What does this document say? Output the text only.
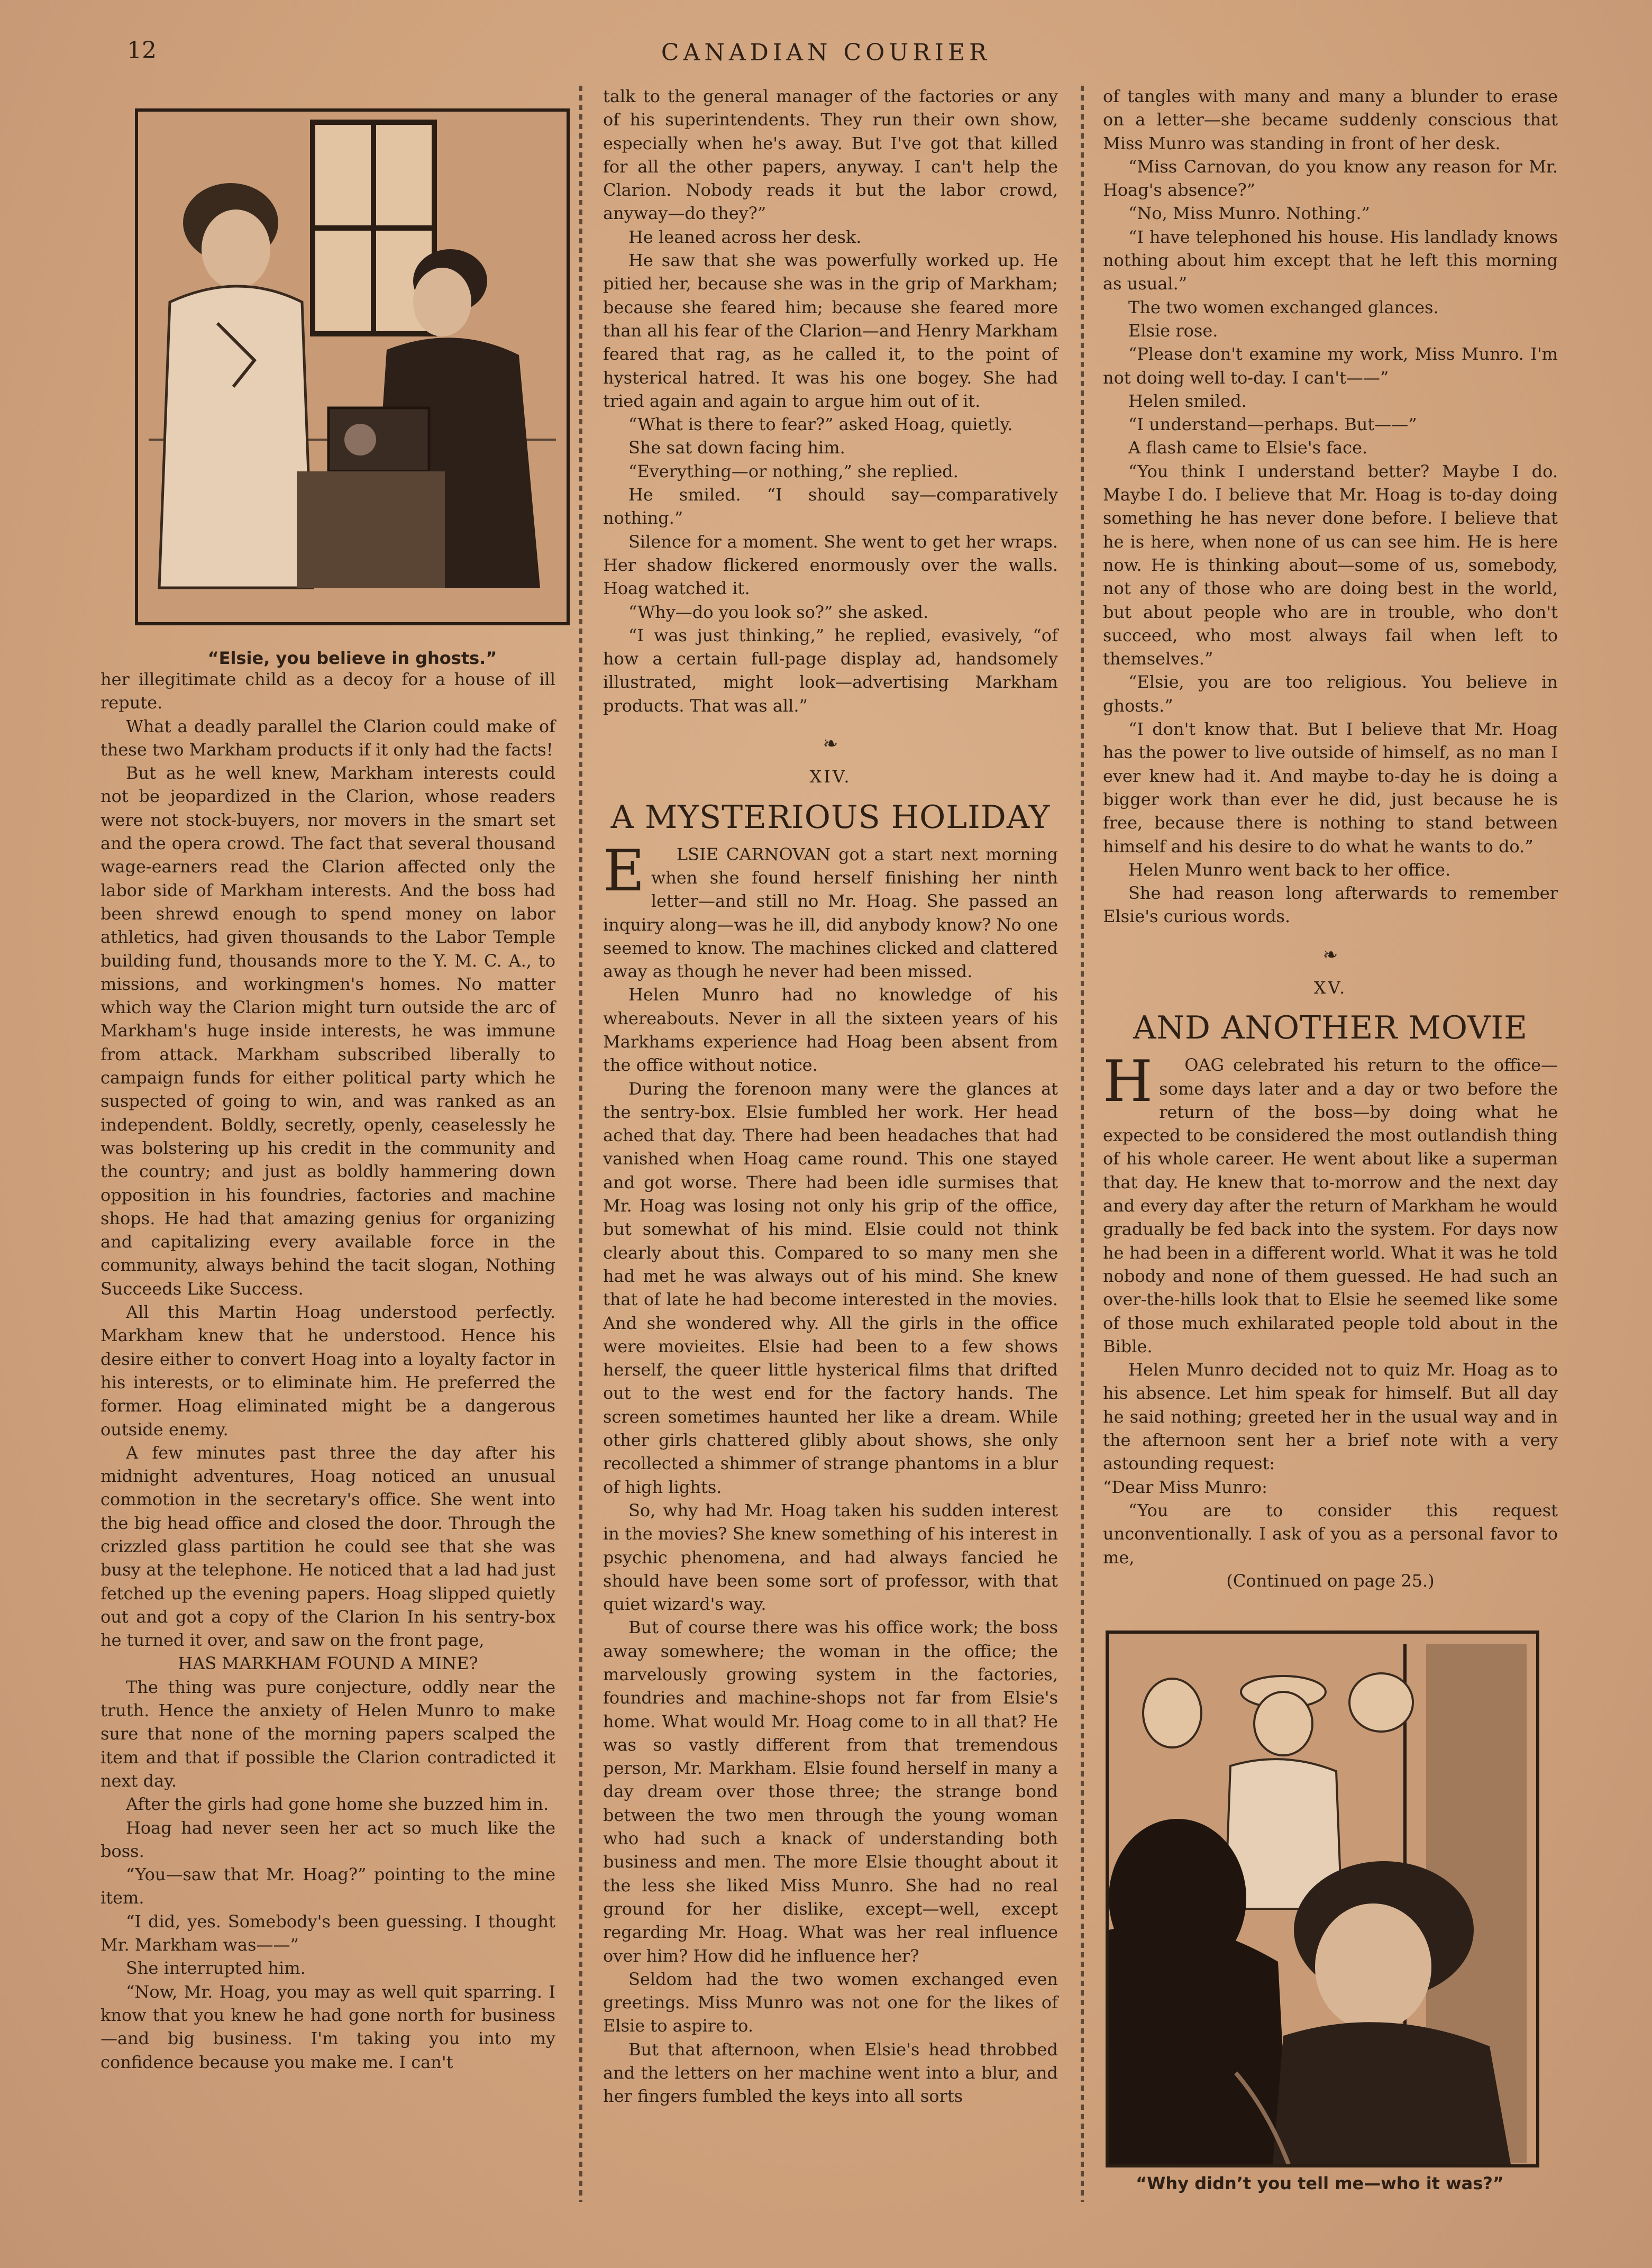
12	CANADIAN COURIER
“Elsie, you believe in ghosts.”

her illegitimate child as a decoy for a house of ill repute.

What a deadly parallel the Clarion could make of these two Markham products if it only had the facts!

But as he well knew, Markham interests could not be jeopardized in the Clarion, whose readers were not stock-buyers, nor movers in the smart set and the opera crowd. The fact that several thousand wage-earners read the Clarion affected only the labor side of Markham interests. And the boss had been shrewd enough to spend money on labor athletics, had given thousands to the Labor Temple building fund, thousands more to the Y. M. C. A., to missions, and workingmen's homes. No matter which way the Clarion might turn outside the arc of Markham's huge inside interests, he was immune from attack. Markham subscribed liberally to campaign funds for either political party which he suspected of going to win, and was ranked as an independent. Boldly, secretly, openly, ceaselessly he was bolstering up his credit in the community and the country; and just as boldly hammering down opposition in his foundries, factories and machine shops. He had that amazing genius for organizing and capitalizing every available force in the community, always behind the tacit slogan, Nothing Succeeds Like Success.

All this Martin Hoag understood perfectly. Markham knew that he understood. Hence his desire either to convert Hoag into a loyalty factor in his interests, or to eliminate him. He preferred the former. Hoag eliminated might be a dangerous outside enemy.

A few minutes past three the day after his midnight adventures, Hoag noticed an unusual commotion in the secretary's office. She went into the big head office and closed the door. Through the crizzled glass partition he could see that she was busy at the telephone. He noticed that a lad had just fetched up the evening papers. Hoag slipped quietly out and got a copy of the Clarion In his sentry-box he turned it over, and saw on the front page,

HAS MARKHAM FOUND A MINE?

The thing was pure conjecture, oddly near the truth. Hence the anxiety of Helen Munro to make sure that none of the morning papers scalped the item and that if possible the Clarion contradicted it next day.

After the girls had gone home she buzzed him in.

Hoag had never seen her act so much like the boss.

“You—saw that Mr. Hoag?” pointing to the mine item.

“I did, yes. Somebody's been guessing. I thought Mr. Markham was——”

She interrupted him.

“Now, Mr. Hoag, you may as well quit sparring. I know that you knew he had gone north for business—and big business. I'm taking you into my confidence because you make me. I can't

talk to the general manager of the factories or any of his superintendents. They run their own show, especially when he's away. But I've got that killed for all the other papers, anyway. I can't help the Clarion. Nobody reads it but the labor crowd, anyway—do they?”

He leaned across her desk.

He saw that she was powerfully worked up. He pitied her, because she was in the grip of Markham; because she feared him; because she feared more than all his fear of the Clarion—and Henry Markham feared that rag, as he called it, to the point of hysterical hatred. It was his one bogey. She had tried again and again to argue him out of it.

“What is there to fear?” asked Hoag, quietly.

She sat down facing him.

“Everything—or nothing,” she replied.

He smiled. “I should say—comparatively nothing.”

Silence for a moment. She went to get her wraps. Her shadow flickered enormously over the walls. Hoag watched it.

“Why—do you look so?” she asked.

“I was just thinking,” he replied, evasively, “of how a certain full-page display ad, handsomely illustrated, might look—advertising Markham products. That was all.”

❧
XIV.
A MYSTERIOUS HOLIDAY
E	LSIE CARNOVAN got a start next morning when she found herself finishing her ninth letter—and still no Mr. Hoag. She passed an inquiry along—was he ill, did anybody know? No one seemed to know. The machines clicked and clattered away as though he never had been missed.

Helen Munro had no knowledge of his whereabouts. Never in all the sixteen years of his Markhams experience had Hoag been absent from the office without notice.

During the forenoon many were the glances at the sentry-box. Elsie fumbled her work. Her head ached that day. There had been headaches that had vanished when Hoag came round. This one stayed and got worse. There had been idle surmises that Mr. Hoag was losing not only his grip of the office, but somewhat of his mind. Elsie could not think clearly about this. Compared to so many men she had met he was always out of his mind. She knew that of late he had become interested in the movies. And she wondered why. All the girls in the office were movieites. Elsie had been to a few shows herself, the queer little hysterical films that drifted out to the west end for the factory hands. The screen sometimes haunted her like a dream. While other girls chattered glibly about shows, she only recollected a shimmer of strange phantoms in a blur of high lights.

So, why had Mr. Hoag taken his sudden interest in the movies? She knew something of his interest in psychic phenomena, and had always fancied he should have been some sort of professor, with that quiet wizard's way.

But of course there was his office work; the boss away somewhere; the woman in the office; the marvelously growing system in the factories, foundries and machine-shops not far from Elsie's home. What would Mr. Hoag come to in all that? He was so vastly different from that tremendous person, Mr. Markham. Elsie found herself in many a day dream over those three; the strange bond between the two men through the young woman who had such a knack of understanding both business and men. The more Elsie thought about it the less she liked Miss Munro. She had no real ground for her dislike, except—well, except regarding Mr. Hoag. What was her real influence over him? How did he influence her?

Seldom had the two women exchanged even greetings. Miss Munro was not one for the likes of Elsie to aspire to.

But that afternoon, when Elsie's head throbbed and the letters on her machine went into a blur, and her fingers fumbled the keys into all sorts

of tangles with many and many a blunder to erase on a letter—she became suddenly conscious that Miss Munro was standing in front of her desk.

“Miss Carnovan, do you know any reason for Mr. Hoag's absence?”

“No, Miss Munro. Nothing.”

“I have telephoned his house. His landlady knows nothing about him except that he left this morning as usual.”

The two women exchanged glances.

Elsie rose.

“Please don't examine my work, Miss Munro. I'm not doing well to-day. I can't——”

Helen smiled.

“I understand—perhaps. But——”

A flash came to Elsie's face.

“You think I understand better? Maybe I do. Maybe I do. I believe that Mr. Hoag is to-day doing something he has never done before. I believe that he is here, when none of us can see him. He is here now. He is thinking about—some of us, somebody, not any of those who are doing best in the world, but about people who are in trouble, who don't succeed, who most always fail when left to themselves.”

“Elsie, you are too religious. You believe in ghosts.”

“I don't know that. But I believe that Mr. Hoag has the power to live outside of himself, as no man I ever knew had it. And maybe to-day he is doing a bigger work than ever he did, just because he is free, because there is nothing to stand between himself and his desire to do what he wants to do.”

Helen Munro went back to her office.

She had reason long afterwards to remember Elsie's curious words.

❧
XV.
AND ANOTHER MOVIE
H	OAG celebrated his return to the office—some days later and a day or two before the return of the boss—by doing what he expected to be considered the most outlandish thing of his whole career. He went about like a superman that day. He knew that to-morrow and the next day and every day after the return of Markham he would gradually be fed back into the system. For days now he had been in a different world. What it was he told nobody and none of them guessed. He had such an over-the-hills look that to Elsie he seemed like some of those much exhilarated people told about in the Bible.

Helen Munro decided not to quiz Mr. Hoag as to his absence. Let him speak for himself. But all day he said nothing; greeted her in the usual way and in the afternoon sent her a brief note with a very astounding request:

“Dear Miss Munro:

“You are to consider this request unconventionally. I ask of you as a personal favor to me,

(Continued on page 25.)

“Why didn’t you tell me—who it was?”
